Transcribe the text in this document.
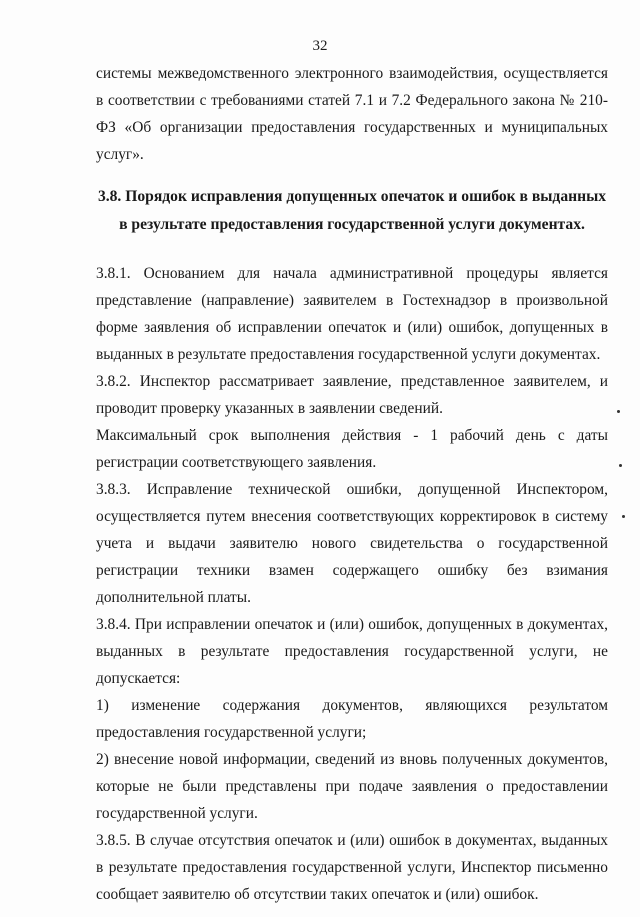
32

системы межведомственного электронного взаимодействия, осуществляется в соответствии с требованиями статей 7.1 и 7.2 Федерального закона № 210-ФЗ «Об организации предоставления государственных и муниципальных услуг».

3.8. Порядок исправления допущенных опечаток и ошибок в выданных в результате предоставления государственной услуги документах.

3.8.1. Основанием для начала административной процедуры является представление (направление) заявителем в Гостехнадзор в произвольной форме заявления об исправлении опечаток и (или) ошибок, допущенных в выданных в результате предоставления государственной услуги документах.

3.8.2. Инспектор рассматривает заявление, представленное заявителем, и проводит проверку указанных в заявлении сведений.

Максимальный срок выполнения действия - 1 рабочий день с даты регистрации соответствующего заявления.

3.8.3. Исправление технической ошибки, допущенной Инспектором, осуществляется путем внесения соответствующих корректировок в систему учета и выдачи заявителю нового свидетельства о государственной регистрации техники взамен содержащего ошибку без взимания дополнительной платы.

3.8.4. При исправлении опечаток и (или) ошибок, допущенных в документах, выданных в результате предоставления государственной услуги, не допускается:

1) изменение содержания документов, являющихся результатом предоставления государственной услуги;

2) внесение новой информации, сведений из вновь полученных документов, которые не были представлены при подаче заявления о предоставлении государственной услуги.

3.8.5. В случае отсутствия опечаток и (или) ошибок в документах, выданных в результате предоставления государственной услуги, Инспектор письменно сообщает заявителю об отсутствии таких опечаток и (или) ошибок.
